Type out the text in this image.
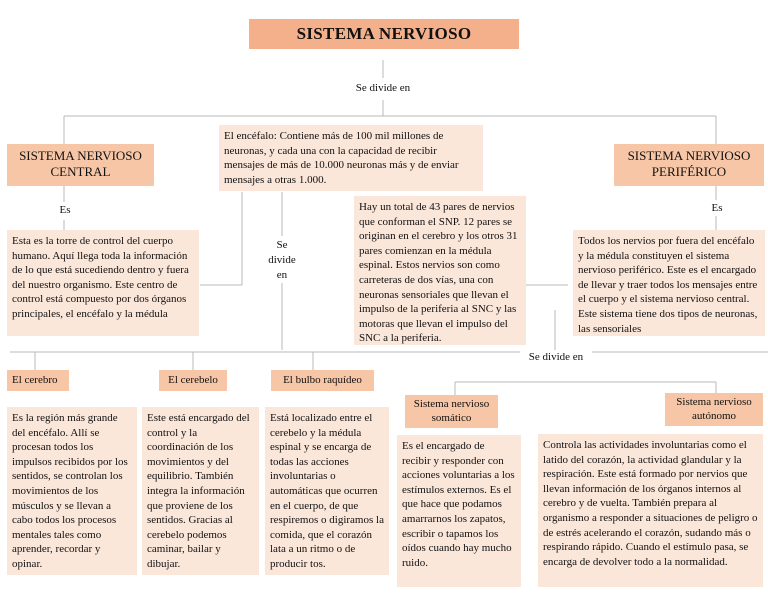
SISTEMA NERVIOSO
Se divide en
SISTEMA NERVIOSO
CENTRAL
Es
Esta es la torre de control del cuerpo humano. Aquí llega toda la información de lo que está sucediendo dentro y fuera del nuestro organismo. Este centro de control está compuesto por dos órganos principales, el encéfalo y la médula
El encéfalo: Contiene más de 100 mil millones de neuronas, y cada una con la capacidad de recibir mensajes de más de 10.000 neuronas más y de enviar mensajes a otras 1.000.
Se
divide
en
Hay un total de 43 pares de nervios que conforman el SNP. 12 pares se originan en el cerebro y los otros 31 pares comienzan en la médula espinal. Estos nervios son como carreteras de dos vías, una con neuronas sensoriales que llevan el impulso de la periferia al SNC y las motoras que llevan el impulso del SNC a la periferia.
SISTEMA NERVIOSO
PERIFÉRICO
Es
Todos los nervios por fuera del encéfalo y la médula constituyen el sistema nervioso periférico. Este es el encargado de llevar y traer todos los mensajes entre el cuerpo y el sistema nervioso central. Este sistema tiene dos tipos de neuronas, las sensoriales
Se divide en
El cerebro
Es la región más grande del encéfalo. Allí se procesan todos los impulsos recibidos por los sentidos, se controlan los movimientos de los músculos y se llevan a cabo todos los procesos mentales tales como aprender, recordar y opinar.
El cerebelo
Este está encargado del control y la coordinación de los movimientos y del equilibrio. También integra la información que proviene de los sentidos. Gracias al cerebelo podemos caminar, bailar y dibujar.
El bulbo raquídeo
Está localizado entre el cerebelo y la médula espinal y se encarga de todas las acciones involuntarias o automáticas que ocurren en el cuerpo, de que respiremos o digiramos la comida, que el corazón lata a un ritmo o de producir tos.
Sistema nervioso
somático
Es el encargado de recibir y responder con acciones voluntarias a los estímulos externos. Es el que hace que podamos amarrarnos los zapatos, escribir o tapamos los oídos cuando hay mucho ruido.
Sistema nervioso
autónomo
Controla las actividades involuntarias como el latido del corazón, la actividad glandular y la respiración. Este está formado por nervios que llevan información de los órganos internos al cerebro y de vuelta. También prepara al organismo a responder a situaciones de peligro o de estrés acelerando el corazón, sudando más o respirando rápido. Cuando el estímulo pasa, se encarga de devolver todo a la normalidad.
